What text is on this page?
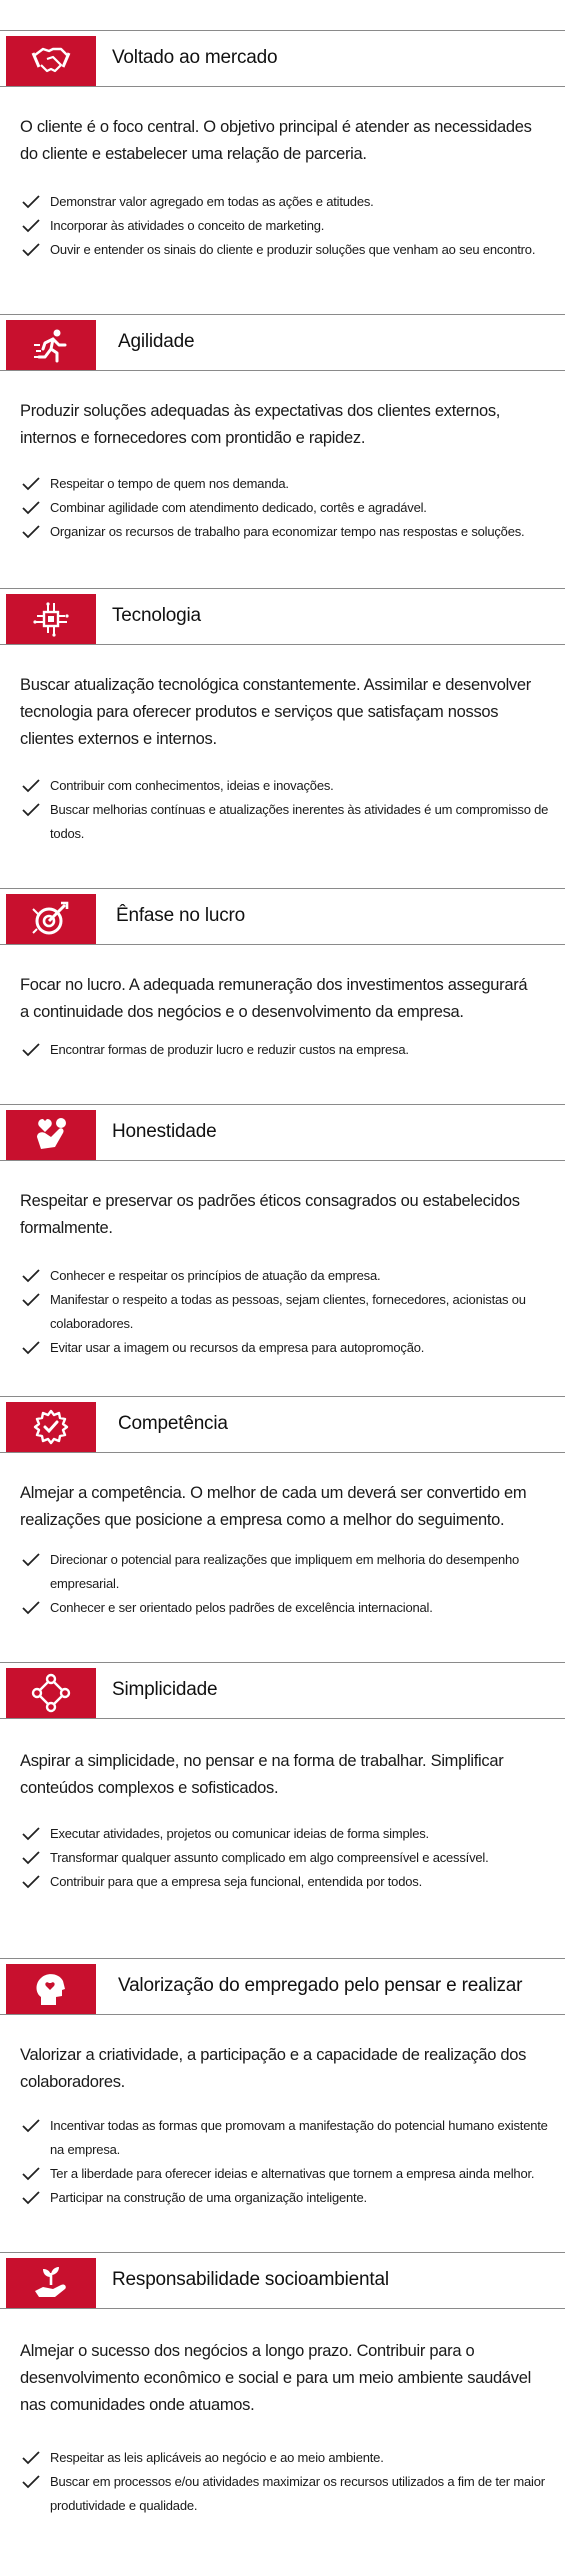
Voltado ao mercado
O cliente é o foco central. O objetivo principal é atender as necessidades do cliente e estabelecer uma relação de parceria.
Demonstrar valor agregado em todas as ações e atitudes.
Incorporar às atividades o conceito de marketing.
Ouvir e entender os sinais do cliente e produzir soluções que venham ao seu encontro.
Agilidade
Produzir soluções adequadas às expectativas dos clientes externos, internos e fornecedores com prontidão e rapidez.
Respeitar o tempo de quem nos demanda.
Combinar agilidade com atendimento dedicado, cortês e agradável.
Organizar os recursos de trabalho para economizar tempo nas respostas e soluções.
Tecnologia
Buscar atualização tecnológica constantemente. Assimilar e desenvolver tecnologia para oferecer produtos e serviços que satisfaçam nossos clientes externos e internos.
Contribuir com conhecimentos, ideias e inovações.
Buscar melhorias contínuas e atualizações inerentes às atividades é um compromisso de todos.
Ênfase no lucro
Focar no lucro. A adequada remuneração dos investimentos assegurará a continuidade dos negócios e o desenvolvimento da empresa.
Encontrar formas de produzir lucro e reduzir custos na empresa.
Honestidade
Respeitar e preservar os padrões éticos consagrados ou estabelecidos formalmente.
Conhecer e respeitar os princípios de atuação da empresa.
Manifestar o respeito a todas as pessoas, sejam clientes, fornecedores, acionistas ou colaboradores.
Evitar usar a imagem ou recursos da empresa para autopromoção.
Competência
Almejar a competência. O melhor de cada um deverá ser convertido em realizações que posicione a empresa como a melhor do seguimento.
Direcionar o potencial para realizações que impliquem em melhoria do desempenho empresarial.
Conhecer e ser orientado pelos padrões de excelência internacional.
Simplicidade
Aspirar a simplicidade, no pensar e na forma de trabalhar. Simplificar conteúdos complexos e sofisticados.
Executar atividades, projetos ou comunicar ideias de forma simples.
Transformar qualquer assunto complicado em algo compreensível e acessível.
Contribuir para que a empresa seja funcional, entendida por todos.
Valorização do empregado pelo pensar e realizar
Valorizar a criatividade, a participação e a capacidade de realização dos colaboradores.
Incentivar todas as formas que promovam a manifestação do potencial humano existente na empresa.
Ter a liberdade para oferecer ideias e alternativas que tornem a empresa ainda melhor.
Participar na construção de uma organização inteligente.
Responsabilidade socioambiental
Almejar o sucesso dos negócios a longo prazo. Contribuir para o desenvolvimento econômico e social e para um meio ambiente saudável nas comunidades onde atuamos.
Respeitar as leis aplicáveis ao negócio e ao meio ambiente.
Buscar em processos e/ou atividades maximizar os recursos utilizados a fim de ter maior produtividade e qualidade.
